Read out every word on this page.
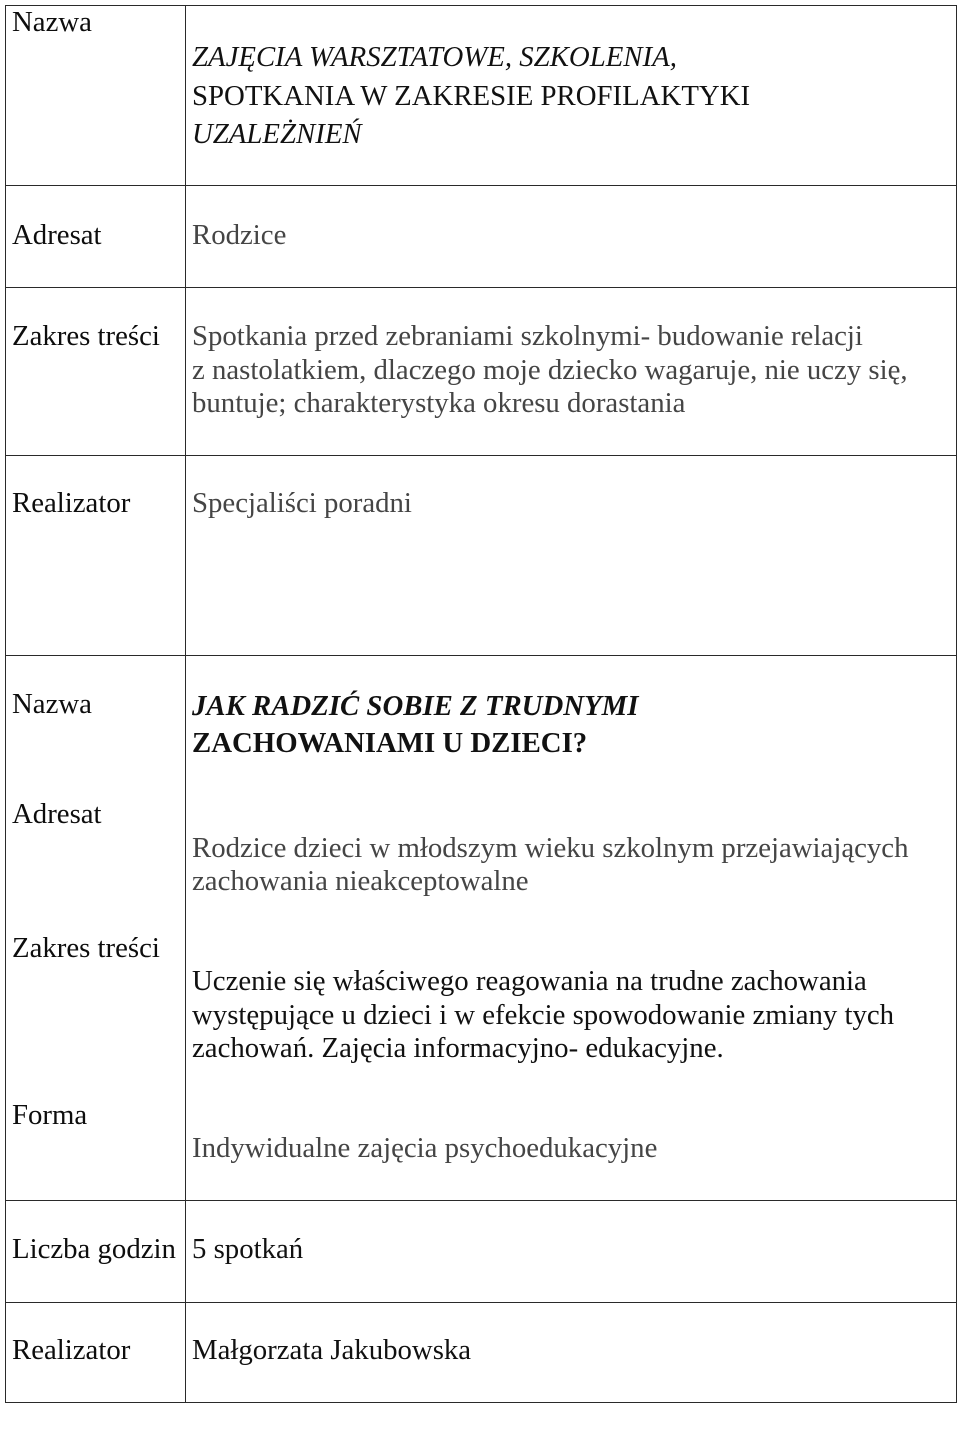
Nazwa
ZAJĘCIA WARSZTATOWE, SZKOLENIA,
SPOTKANIA W ZAKRESIE PROFILAKTYKI
UZALEŻNIEŃ
Adresat	Rodzice
Zakres treści Spotkania przed zebraniami szkolnymi- budowanie relacji
z nastolatkiem, dlaczego moje dziecko wagaruje, nie uczy się,
buntuje; charakterystyka okresu dorastania
Realizator Specjaliści poradni
Nazwa
Adresat
Zakres treści
Forma
JAK RADZIĆ SOBIE Z TRUDNYMI
ZACHOWANIAMI U DZIECI?
Rodzice dzieci w młodszym wieku szkolnym przejawiających
zachowania nieakceptowalne
Uczenie się właściwego reagowania na trudne zachowania
występujące u dzieci i w efekcie spowodowanie zmiany tych
zachowań. Zajęcia informacyjno- edukacyjne.
Indywidualne zajęcia psychoedukacyjne
Liczba godzin 5 spotkań
Realizator Małgorzata Jakubowska
